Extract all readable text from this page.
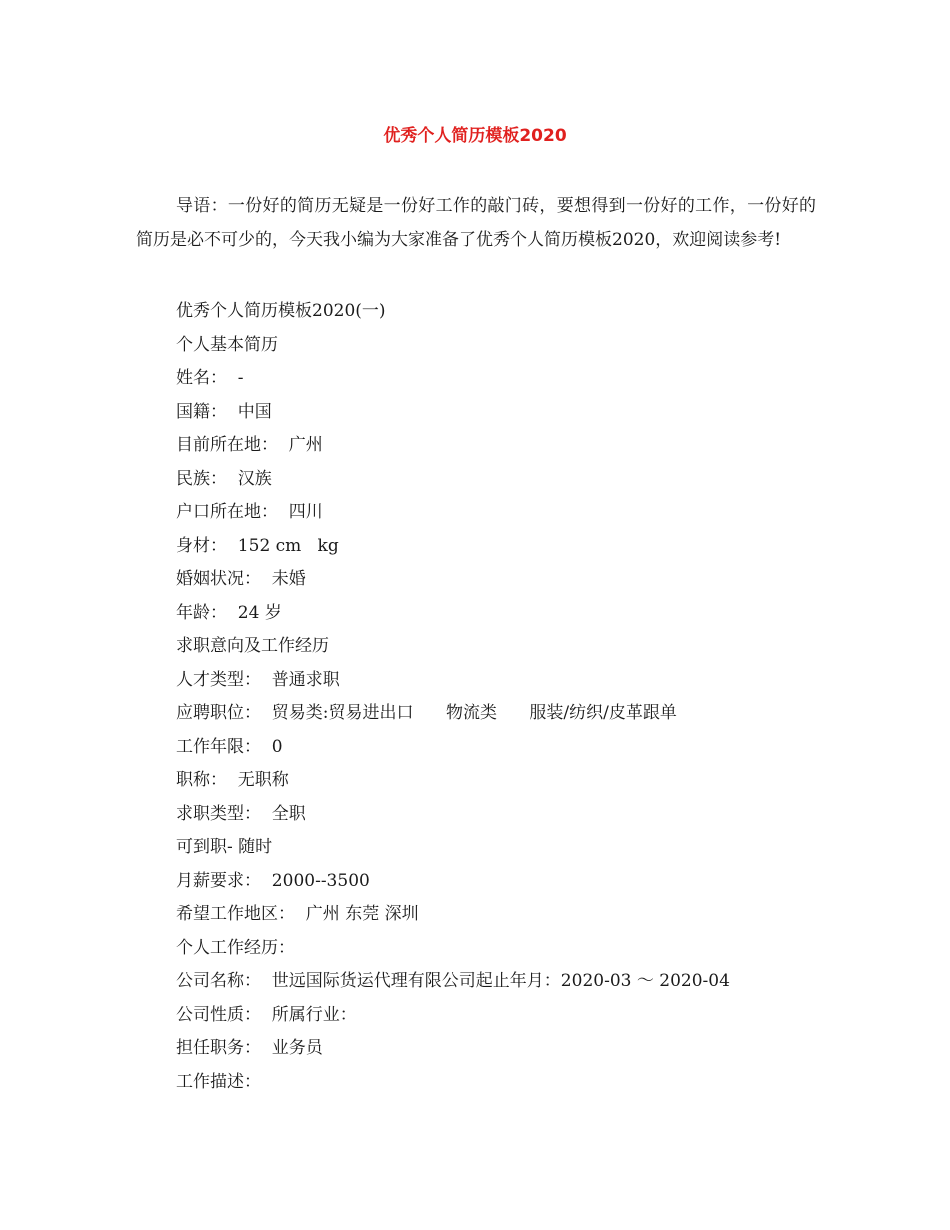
优秀个人简历模板2020

导语：一份好的简历无疑是一份好工作的敲门砖，要想得到一份好的工作，一份好的简历是必不可少的，今天我小编为大家准备了优秀个人简历模板2020，欢迎阅读参考!

优秀个人简历模板2020(一)
个人基本简历
姓名：  -
国籍：  中国
目前所在地：  广州
民族：  汉族
户口所在地：  四川
身材：  152 cm   kg
婚姻状况：  未婚
年龄：  24 岁
求职意向及工作经历
人才类型：  普通求职
应聘职位：  贸易类:贸易进出口      物流类      服装/纺织/皮革跟单
工作年限：  0
职称：  无职称
求职类型：  全职
可到职- 随时
月薪要求：  2000--3500
希望工作地区：  广州 东莞 深圳
个人工作经历：
公司名称：  世远国际货运代理有限公司起止年月：2020-03 ～ 2020-04
公司性质：  所属行业：
担任职务：  业务员
工作描述：
